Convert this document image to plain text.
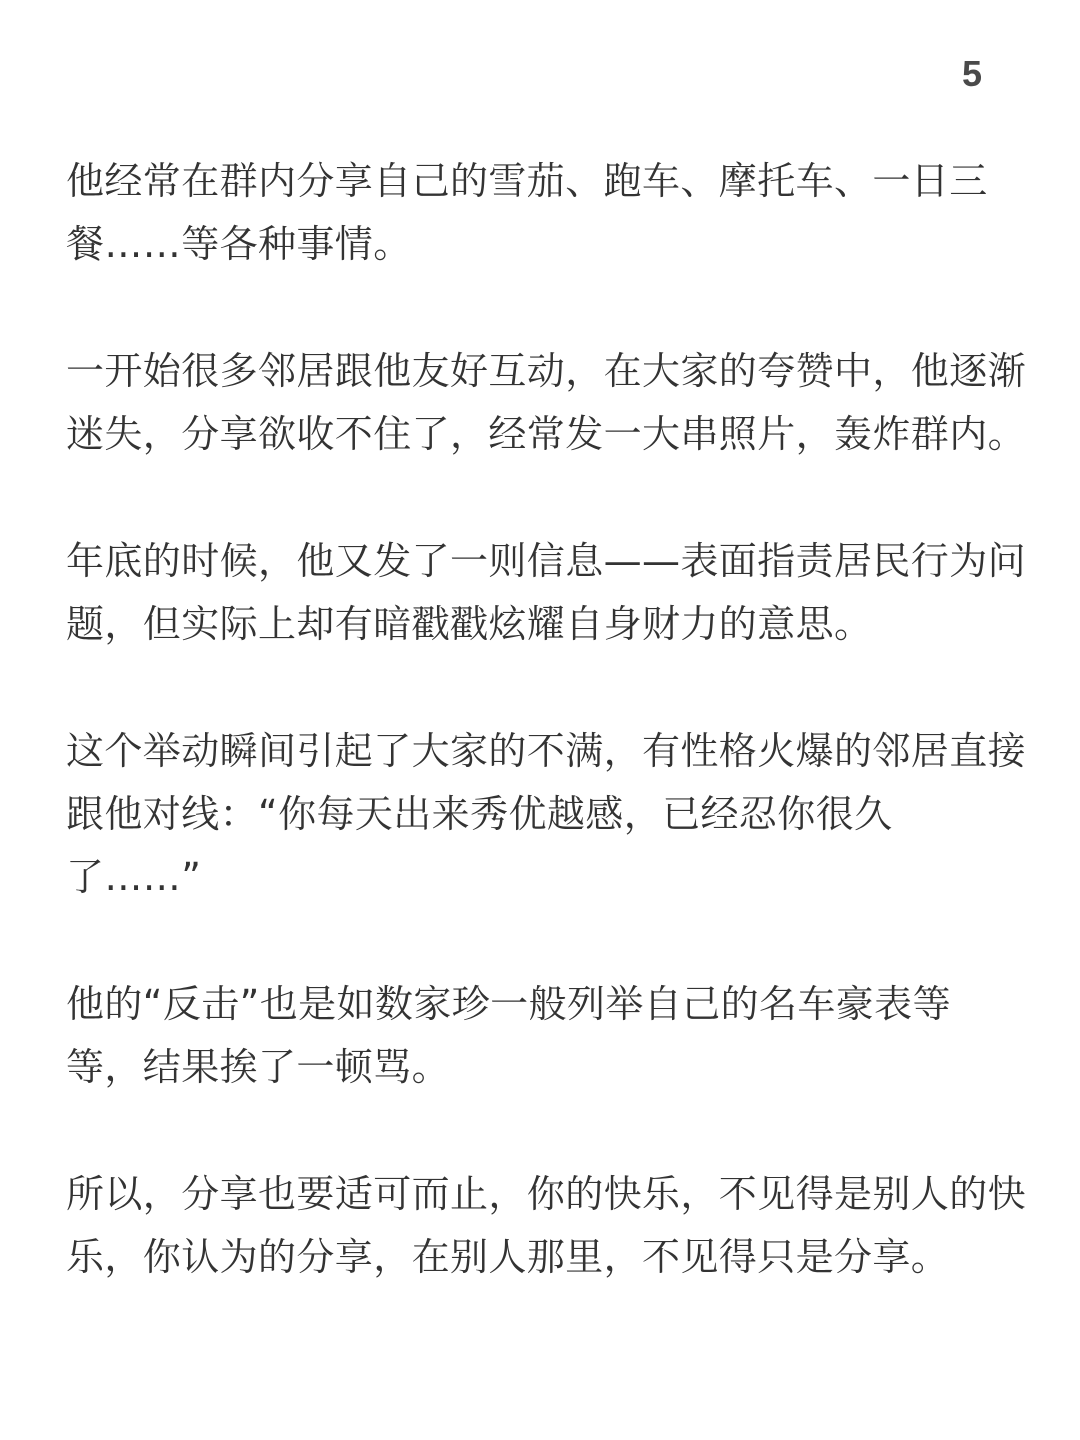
5

他经常在群内分享自己的雪茄、跑车、摩托车、一日三
餐……等各种事情。

一开始很多邻居跟他友好互动，在大家的夸赞中，他逐渐
迷失，分享欲收不住了，经常发一大串照片，轰炸群内。

年底的时候，他又发了一则信息——表面指责居民行为问
题，但实际上却有暗戳戳炫耀自身财力的意思。

这个举动瞬间引起了大家的不满，有性格火爆的邻居直接
跟他对线：“你每天出来秀优越感，已经忍你很久
了……”

他的“反击”也是如数家珍一般列举自己的名车豪表等
等，结果挨了一顿骂。

所以，分享也要适可而止，你的快乐，不见得是别人的快
乐，你认为的分享，在别人那里，不见得只是分享。
